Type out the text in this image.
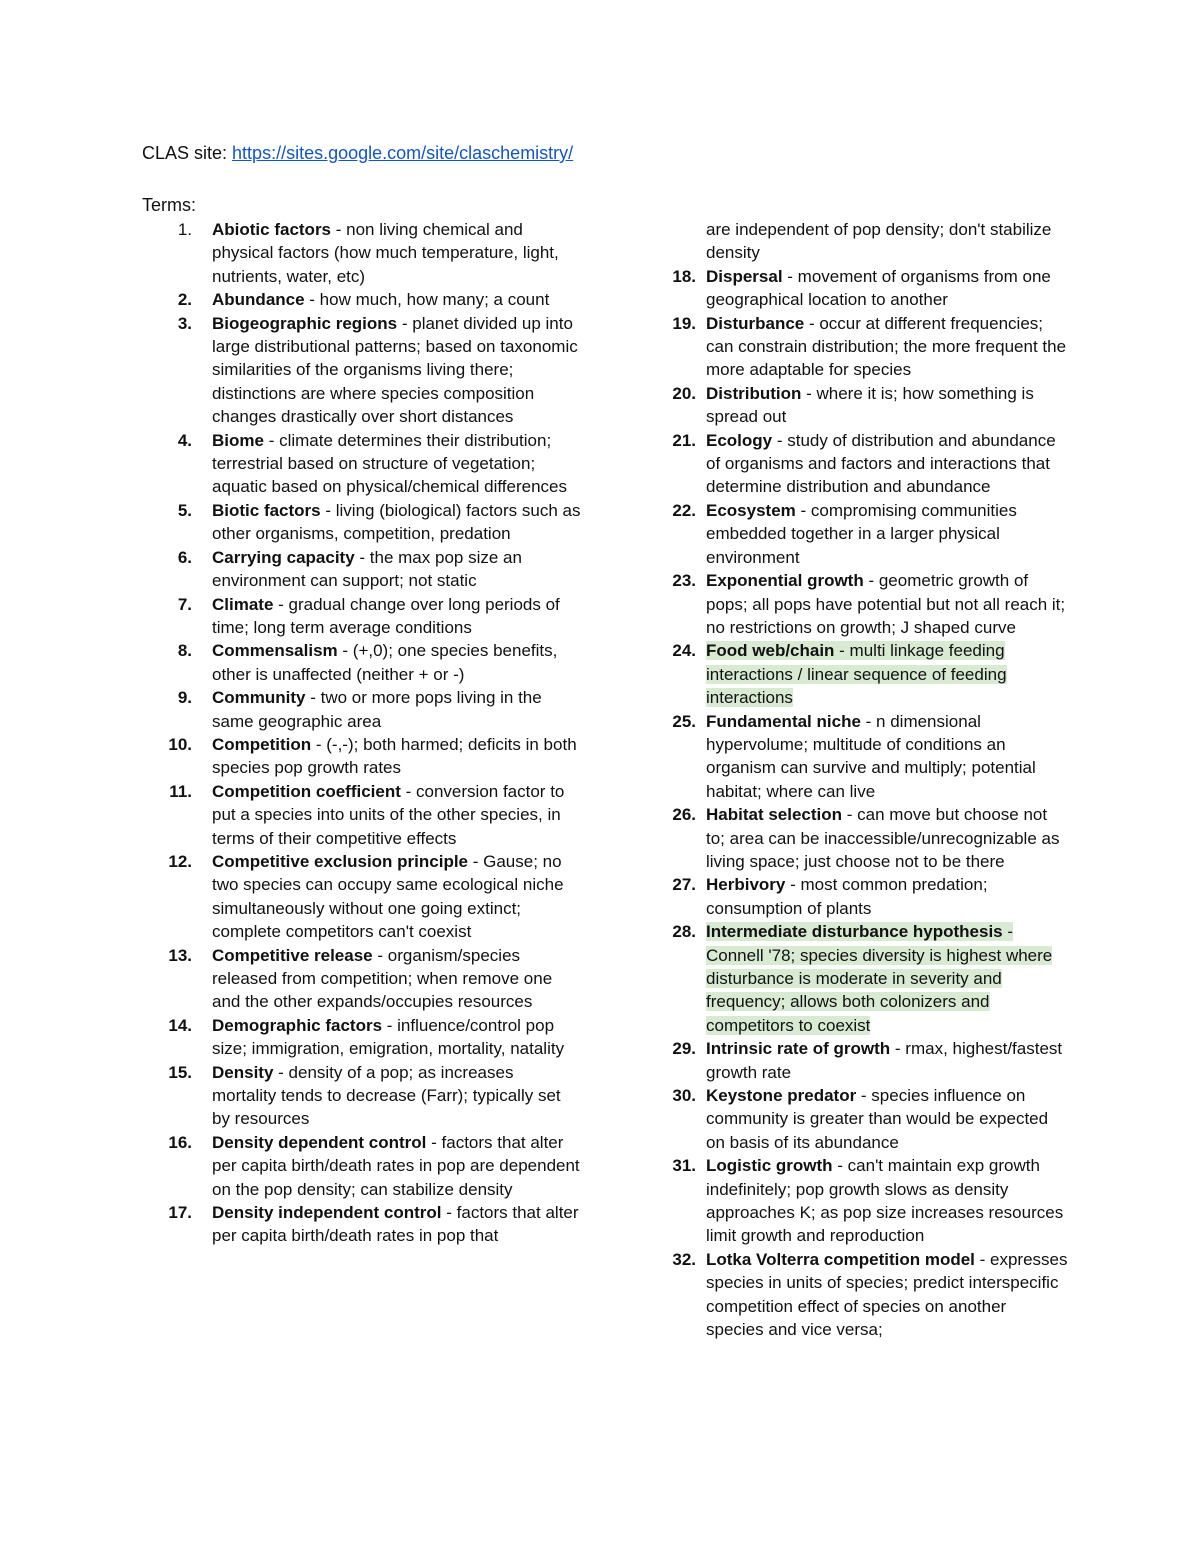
CLAS site: https://sites.google.com/site/claschemistry/
Terms:
1. Abiotic factors - non living chemical and physical factors (how much temperature, light, nutrients, water, etc)
2. Abundance - how much, how many; a count
3. Biogeographic regions - planet divided up into large distributional patterns; based on taxonomic similarities of the organisms living there; distinctions are where species composition changes drastically over short distances
4. Biome - climate determines their distribution; terrestrial based on structure of vegetation; aquatic based on physical/chemical differences
5. Biotic factors - living (biological) factors such as other organisms, competition, predation
6. Carrying capacity - the max pop size an environment can support; not static
7. Climate - gradual change over long periods of time; long term average conditions
8. Commensalism - (+,0); one species benefits, other is unaffected (neither + or -)
9. Community - two or more pops living in the same geographic area
10. Competition - (-,-); both harmed; deficits in both species pop growth rates
11. Competition coefficient - conversion factor to put a species into units of the other species, in terms of their competitive effects
12. Competitive exclusion principle - Gause; no two species can occupy same ecological niche simultaneously without one going extinct; complete competitors can't coexist
13. Competitive release - organism/species released from competition; when remove one and the other expands/occupies resources
14. Demographic factors - influence/control pop size; immigration, emigration, mortality, natality
15. Density - density of a pop; as increases mortality tends to decrease (Farr); typically set by resources
16. Density dependent control - factors that alter per capita birth/death rates in pop are dependent on the pop density; can stabilize density
17. Density independent control - factors that alter per capita birth/death rates in pop that
are independent of pop density; don't stabilize density
18. Dispersal - movement of organisms from one geographical location to another
19. Disturbance - occur at different frequencies; can constrain distribution; the more frequent the more adaptable for species
20. Distribution - where it is; how something is spread out
21. Ecology - study of distribution and abundance of organisms and factors and interactions that determine distribution and abundance
22. Ecosystem - compromising communities embedded together in a larger physical environment
23. Exponential growth - geometric growth of pops; all pops have potential but not all reach it; no restrictions on growth; J shaped curve
24. Food web/chain - multi linkage feeding interactions / linear sequence of feeding interactions
25. Fundamental niche - n dimensional hypervolume; multitude of conditions an organism can survive and multiply; potential habitat; where can live
26. Habitat selection - can move but choose not to; area can be inaccessible/unrecognizable as living space; just choose not to be there
27. Herbivory - most common predation; consumption of plants
28. Intermediate disturbance hypothesis - Connell '78; species diversity is highest where disturbance is moderate in severity and frequency; allows both colonizers and competitors to coexist
29. Intrinsic rate of growth - rmax, highest/fastest growth rate
30. Keystone predator - species influence on community is greater than would be expected on basis of its abundance
31. Logistic growth - can't maintain exp growth indefinitely; pop growth slows as density approaches K; as pop size increases resources limit growth and reproduction
32. Lotka Volterra competition model - expresses species in units of species; predict interspecific competition effect of species on another species and vice versa;
